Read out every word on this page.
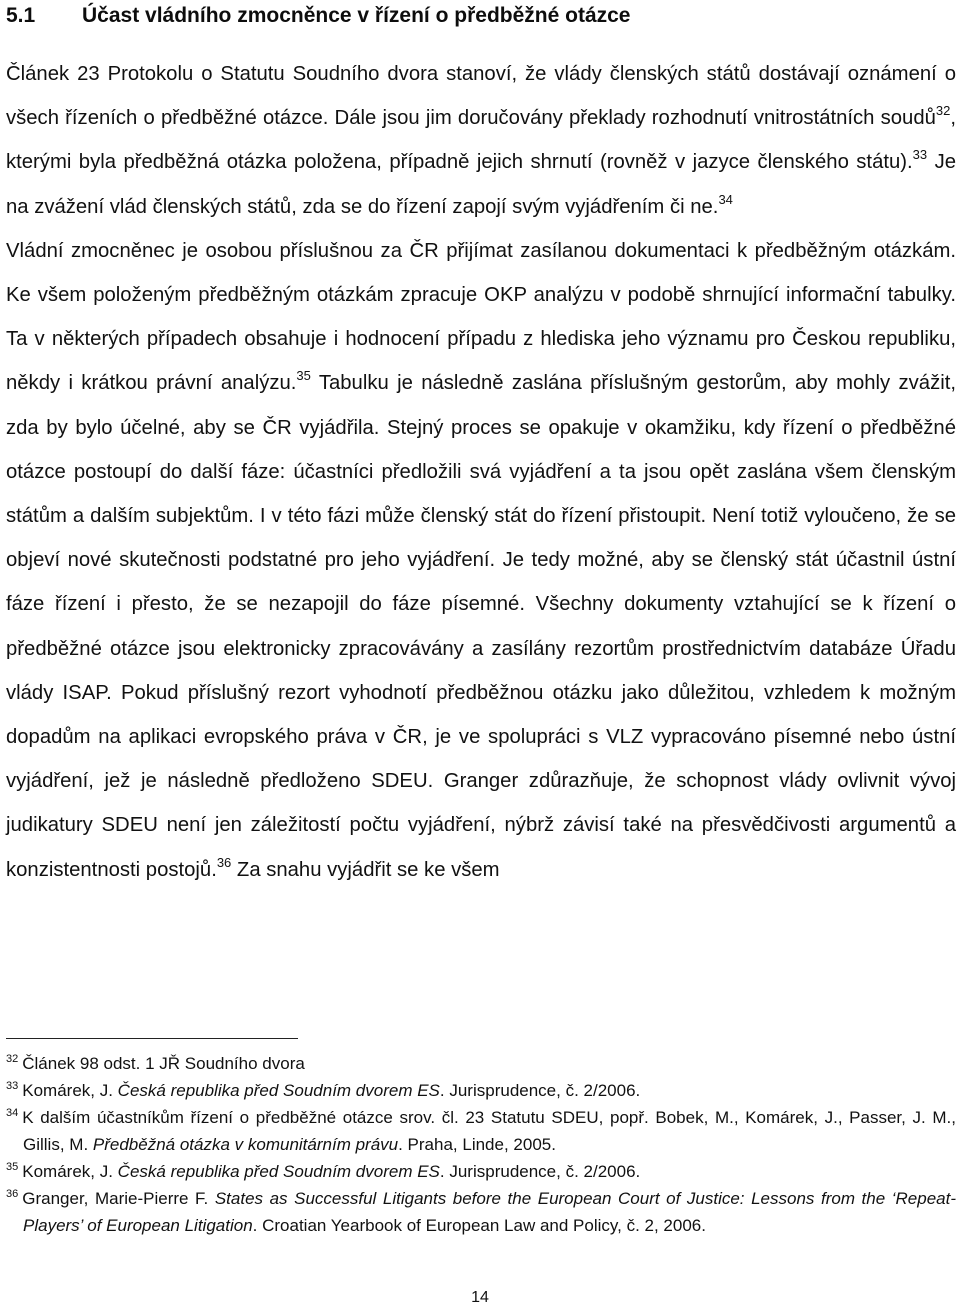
5.1 Účast vládního zmocněnce v řízení o předběžné otázce

Článek 23 Protokolu o Statutu Soudního dvora stanoví, že vlády členských států dostávají oznámení o všech řízeních o předběžné otázce. Dále jsou jim doručovány překlady rozhodnutí vnitrostátních soudů$^{32}$, kterými byla předběžná otázka položena, případně jejich shrnutí (rovněž v jazyce členského státu).$^{33}$ Je na zvážení vlád členských států, zda se do řízení zapojí svým vyjádřením či ne.$^{34}$

Vládní zmocněnec je osobou příslušnou za ČR přijímat zasílanou dokumentaci k předběžným otázkám. Ke všem položeným předběžným otázkám zpracuje OKP analýzu v podobě shrnující informační tabulky. Ta v některých případech obsahuje i hodnocení případu z hlediska jeho významu pro Českou republiku, někdy i krátkou právní analýzu.$^{35}$ Tabulku je následně zaslána příslušným gestorům, aby mohly zvážit, zda by bylo účelné, aby se ČR vyjádřila. Stejný proces se opakuje v okamžiku, kdy řízení o předběžné otázce postoupí do další fáze: účastníci předložili svá vyjádření a ta jsou opět zaslána všem členským státům a dalším subjektům. I v této fázi může členský stát do řízení přistoupit. Není totiž vyloučeno, že se objeví nové skutečnosti podstatné pro jeho vyjádření. Je tedy možné, aby se členský stát účastnil ústní fáze řízení i přesto, že se nezapojil do fáze písemné. Všechny dokumenty vztahující se k řízení o předběžné otázce jsou elektronicky zpracovávány a zasílány rezortům prostřednictvím databáze Úřadu vlády ISAP. Pokud příslušný rezort vyhodnotí předběžnou otázku jako důležitou, vzhledem k možným dopadům na aplikaci evropského práva v ČR, je ve spolupráci s VLZ vypracováno písemné nebo ústní vyjádření, jež je následně předloženo SDEU. Granger zdůrazňuje, že schopnost vlády ovlivnit vývoj judikatury SDEU není jen záležitostí počtu vyjádření, nýbrž závisí také na přesvědčivosti argumentů a konzistentnosti postojů.$^{36}$ Za snahu vyjádřit se ke všem

$^{32}$ Článek 98 odst. 1 JŘ Soudního dvora

$^{33}$ Komárek, J. Česká republika před Soudním dvorem ES. Jurisprudence, č. 2/2006.

$^{34}$ K dalším účastníkům řízení o předběžné otázce srov. čl. 23 Statutu SDEU, popř. Bobek, M., Komárek, J., Passer, J. M., Gillis, M. Předběžná otázka v komunitárním právu. Praha, Linde, 2005.

$^{35}$ Komárek, J. Česká republika před Soudním dvorem ES. Jurisprudence, č. 2/2006.

$^{36}$ Granger, Marie-Pierre F. States as Successful Litigants before the European Court of Justice: Lessons from the ‘Repeat-Players’ of European Litigation. Croatian Yearbook of European Law and Policy, č. 2, 2006.

14
